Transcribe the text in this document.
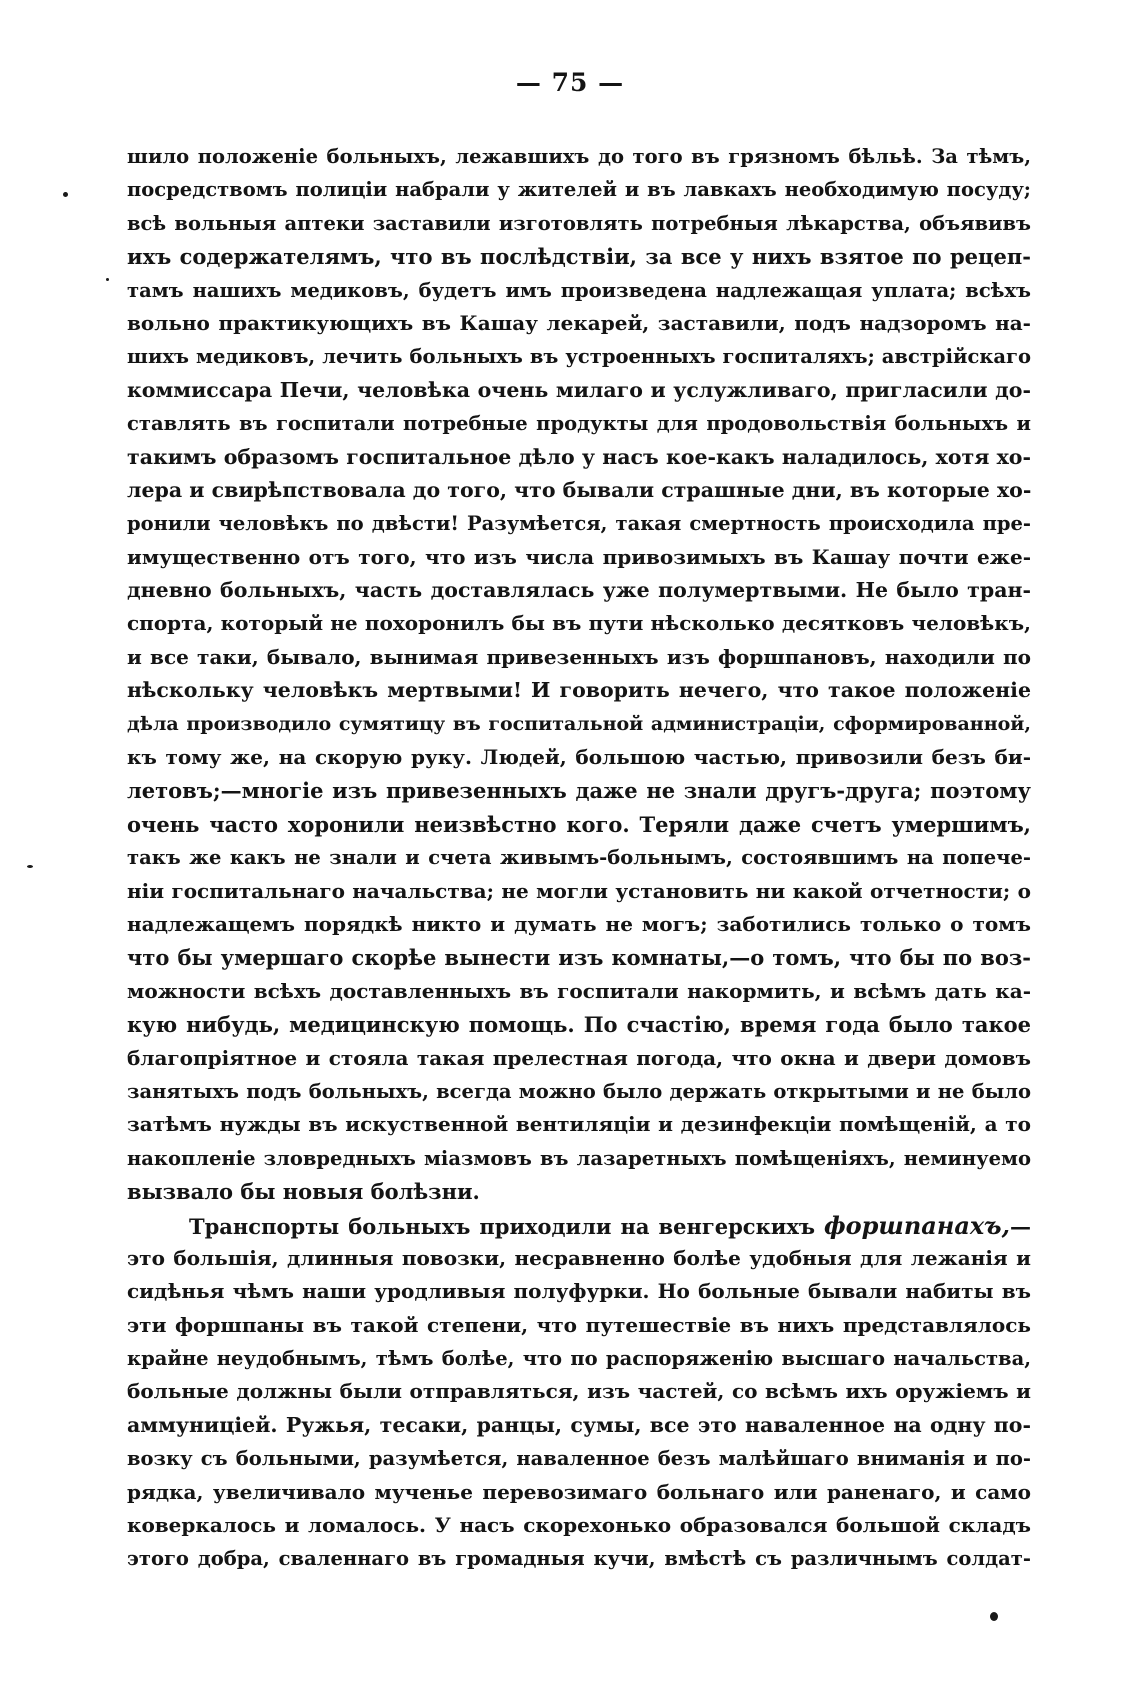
— 75 —
шило положеніе больныхъ, лежавшихъ до того въ грязномъ бѣльѣ. За тѣмъ,
посредствомъ полиціи набрали у жителей и въ лавкахъ необходимую посуду;
всѣ вольныя аптеки заставили изготовлять потребныя лѣкарства, объявивъ
ихъ содержателямъ, что въ послѣдствіи, за все у нихъ взятое по рецеп-
тамъ нашихъ медиковъ, будетъ имъ произведена надлежащая уплата; всѣхъ
вольно практикующихъ въ Кашау лекарей, заставили, подъ надзоромъ на-
шихъ медиковъ, лечить больныхъ въ устроенныхъ госпиталяхъ; австрійскаго
коммиссара Печи, человѣка очень милаго и услужливаго, пригласили до-
ставлять въ госпитали потребные продукты для продовольствія больныхъ и
такимъ образомъ госпитальное дѣло у насъ кое-какъ наладилось, хотя хо-
лера и свирѣпствовала до того, что бывали страшные дни, въ которые хо-
ронили человѣкъ по двѣсти! Разумѣется, такая смертность происходила пре-
имущественно отъ того, что изъ числа привозимыхъ въ Кашау почти еже-
дневно больныхъ, часть доставлялась уже полумертвыми. Не было тран-
спорта, который не похоронилъ бы въ пути нѣсколько десятковъ человѣкъ,
и все таки, бывало, вынимая привезенныхъ изъ форшпановъ, находили по
нѣскольку человѣкъ мертвыми! И говорить нечего, что такое положеніе
дѣла производило сумятицу въ госпитальной администраціи, сформированной,
къ тому же, на скорую руку. Людей, большою частью, привозили безъ би-
летовъ;—многіе изъ привезенныхъ даже не знали другъ-друга; поэтому
очень часто хоронили неизвѣстно кого. Теряли даже счетъ умершимъ,
такъ же какъ не знали и счета живымъ-больнымъ, состоявшимъ на попече-
ніи госпитальнаго начальства; не могли установить ни какой отчетности; о
надлежащемъ порядкѣ никто и думать не могъ; заботились только о томъ
что бы умершаго скорѣе вынести изъ комнаты,—о томъ, что бы по воз-
можности всѣхъ доставленныхъ въ госпитали накормить, и всѣмъ дать ка-
кую нибудь, медицинскую помощь. По счастію, время года было такое
благопріятное и стояла такая прелестная погода, что окна и двери домовъ
занятыхъ подъ больныхъ, всегда можно было держать открытыми и не было
затѣмъ нужды въ искуственной вентиляціи и дезинфекціи помѣщеній, а то
накопленіе зловредныхъ міазмовъ въ лазаретныхъ помѣщеніяхъ, неминуемо
вызвало бы новыя болѣзни.
Транспорты больныхъ приходили на венгерскихъ форшпанахъ,—
это большія, длинныя повозки, несравненно болѣе удобныя для лежанія и
сидѣнья чѣмъ наши уродливыя полуфурки. Но больные бывали набиты въ
эти форшпаны въ такой степени, что путешествіе въ нихъ представлялось
крайне неудобнымъ, тѣмъ болѣе, что по распоряженію высшаго начальства,
больные должны были отправляться, изъ частей, со всѣмъ ихъ оружіемъ и
аммуниціей. Ружья, тесаки, ранцы, сумы, все это наваленное на одну по-
возку съ больными, разумѣется, наваленное безъ малѣйшаго вниманія и по-
рядка, увеличивало мученье перевозимаго больнаго или раненаго, и само
коверкалось и ломалось. У насъ скорехонько образовался большой складъ
этого добра, сваленнаго въ громадныя кучи, вмѣстѣ съ различнымъ солдат-
